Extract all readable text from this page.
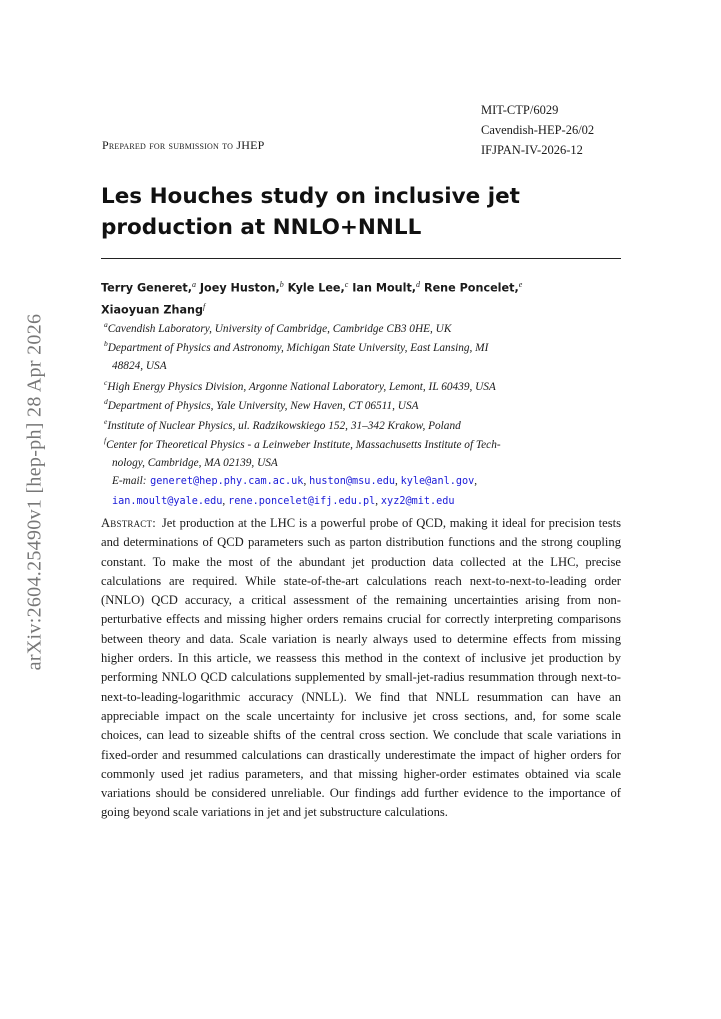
arXiv:2604.25490v1 [hep-ph] 28 Apr 2026
MIT-CTP/6029
Cavendish-HEP-26/02
IFJPAN-IV-2026-12
Prepared for submission to JHEP
Les Houches study on inclusive jet production at NNLO+NNLL
Terry Generet,$^a$ Joey Huston,$^b$ Kyle Lee,$^c$ Ian Moult,$^d$ Rene Poncelet,$^e$
Xiaoyuan Zhang$^f$
$^a$Cavendish Laboratory, University of Cambridge, Cambridge CB3 0HE, UK
$^b$Department of Physics and Astronomy, Michigan State University, East Lansing, MI
48824, USA
$^c$High Energy Physics Division, Argonne National Laboratory, Lemont, IL 60439, USA
$^d$Department of Physics, Yale University, New Haven, CT 06511, USA
$^e$Institute of Nuclear Physics, ul. Radzikowskiego 152, 31–342 Krakow, Poland
$^f$Center for Theoretical Physics - a Leinweber Institute, Massachusetts Institute of Tech-
nology, Cambridge, MA 02139, USA
E-mail: generet@hep.phy.cam.ac.uk, huston@msu.edu, kyle@anl.gov,
ian.moult@yale.edu, rene.poncelet@ifj.edu.pl, xyz2@mit.edu
Abstract: Jet production at the LHC is a powerful probe of QCD, making it ideal for precision tests and determinations of QCD parameters such as parton distribution functions and the strong coupling constant. To make the most of the abundant jet production data collected at the LHC, precise calculations are required. While state-of-the-art calculations reach next-to-next-to-leading order (NNLO) QCD accuracy, a critical assessment of the remaining uncertainties arising from non-perturbative effects and missing higher orders remains crucial for correctly interpreting comparisons between theory and data. Scale variation is nearly always used to determine effects from missing higher orders. In this article, we reassess this method in the context of inclusive jet production by performing NNLO QCD calculations supplemented by small-jet-radius resummation through next-to-next-to-leading-logarithmic accuracy (NNLL). We find that NNLL resummation can have an appreciable impact on the scale uncertainty for inclusive jet cross sections, and, for some scale choices, can lead to sizeable shifts of the central cross section. We conclude that scale variations in fixed-order and resummed calculations can drastically underestimate the impact of higher orders for commonly used jet radius parameters, and that missing higher-order estimates obtained via scale variations should be considered unreliable. Our findings add further evidence to the importance of going beyond scale variations in jet and jet substructure calculations.
